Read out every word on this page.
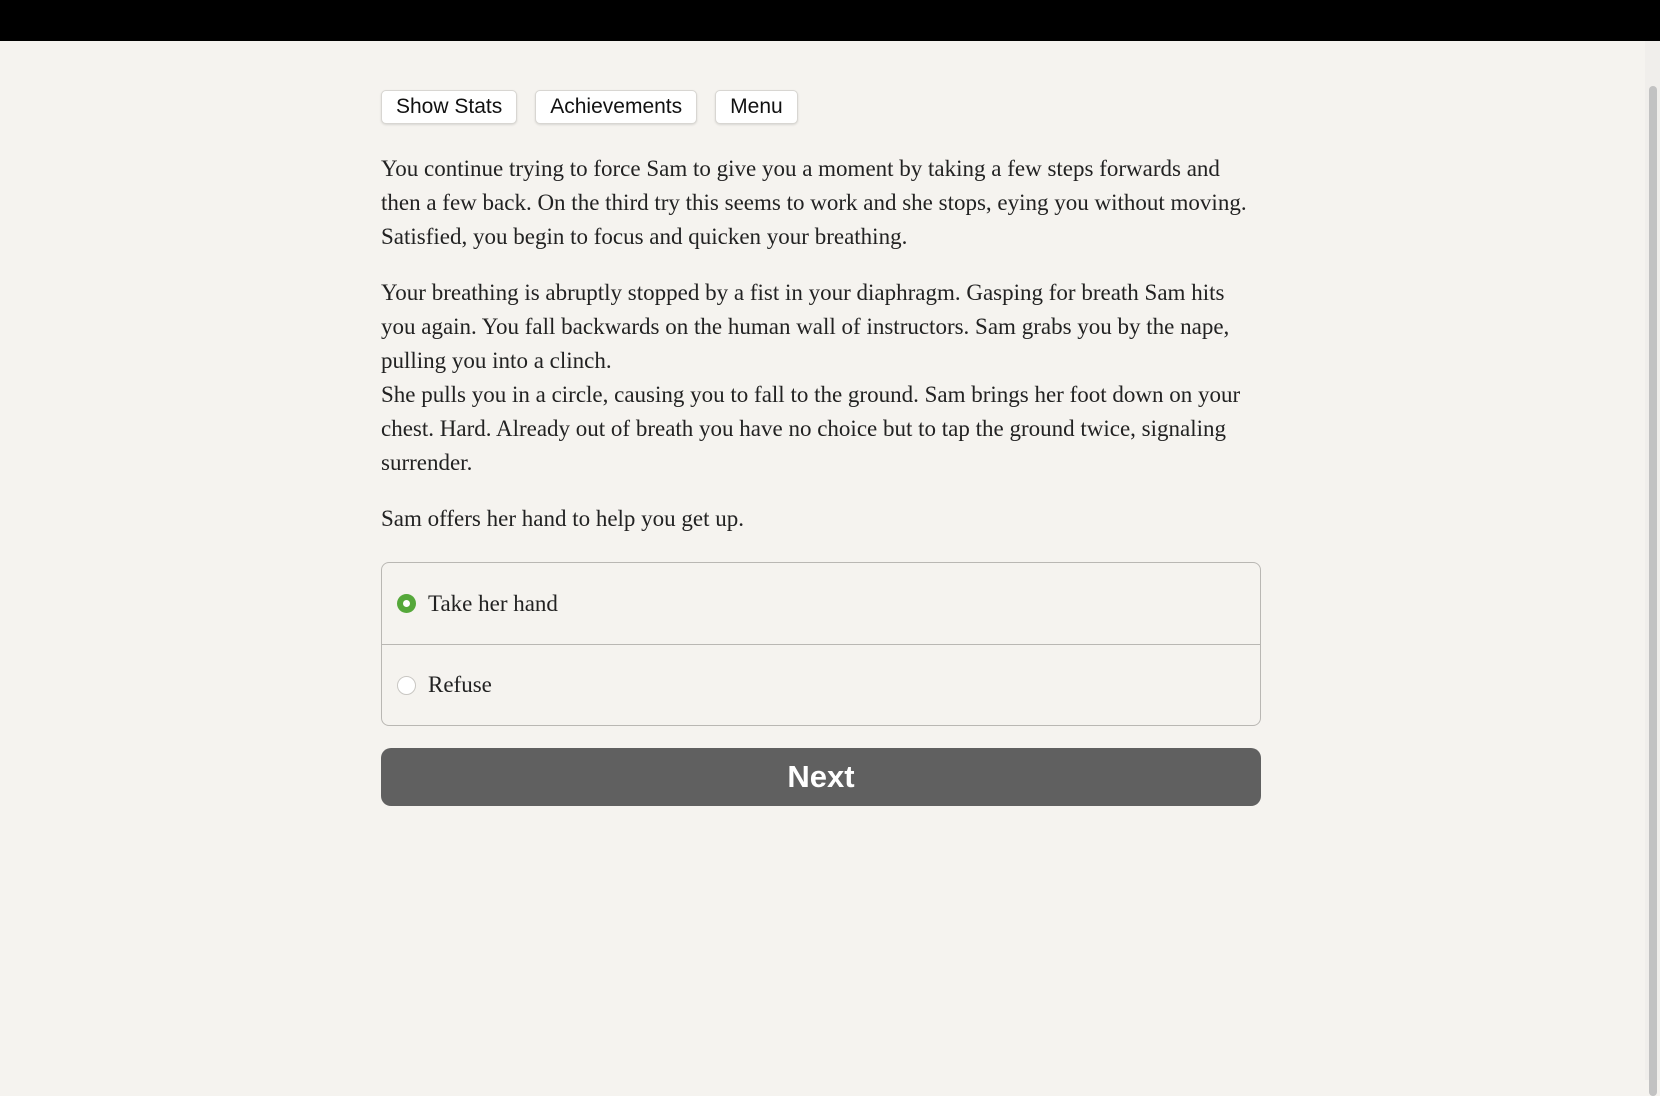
Show Stats	Achievements	Menu

You continue trying to force Sam to give you a moment by taking a few steps forwards and then a few back. On the third try this seems to work and she stops, eying you without moving. Satisfied, you begin to focus and quicken your breathing.

Your breathing is abruptly stopped by a fist in your diaphragm. Gasping for breath Sam hits you again. You fall backwards on the human wall of instructors. Sam grabs you by the nape, pulling you into a clinch.

She pulls you in a circle, causing you to fall to the ground. Sam brings her foot down on your chest. Hard. Already out of breath you have no choice but to tap the ground twice, signaling surrender.

Sam offers her hand to help you get up.

Take her hand
Refuse
Next
